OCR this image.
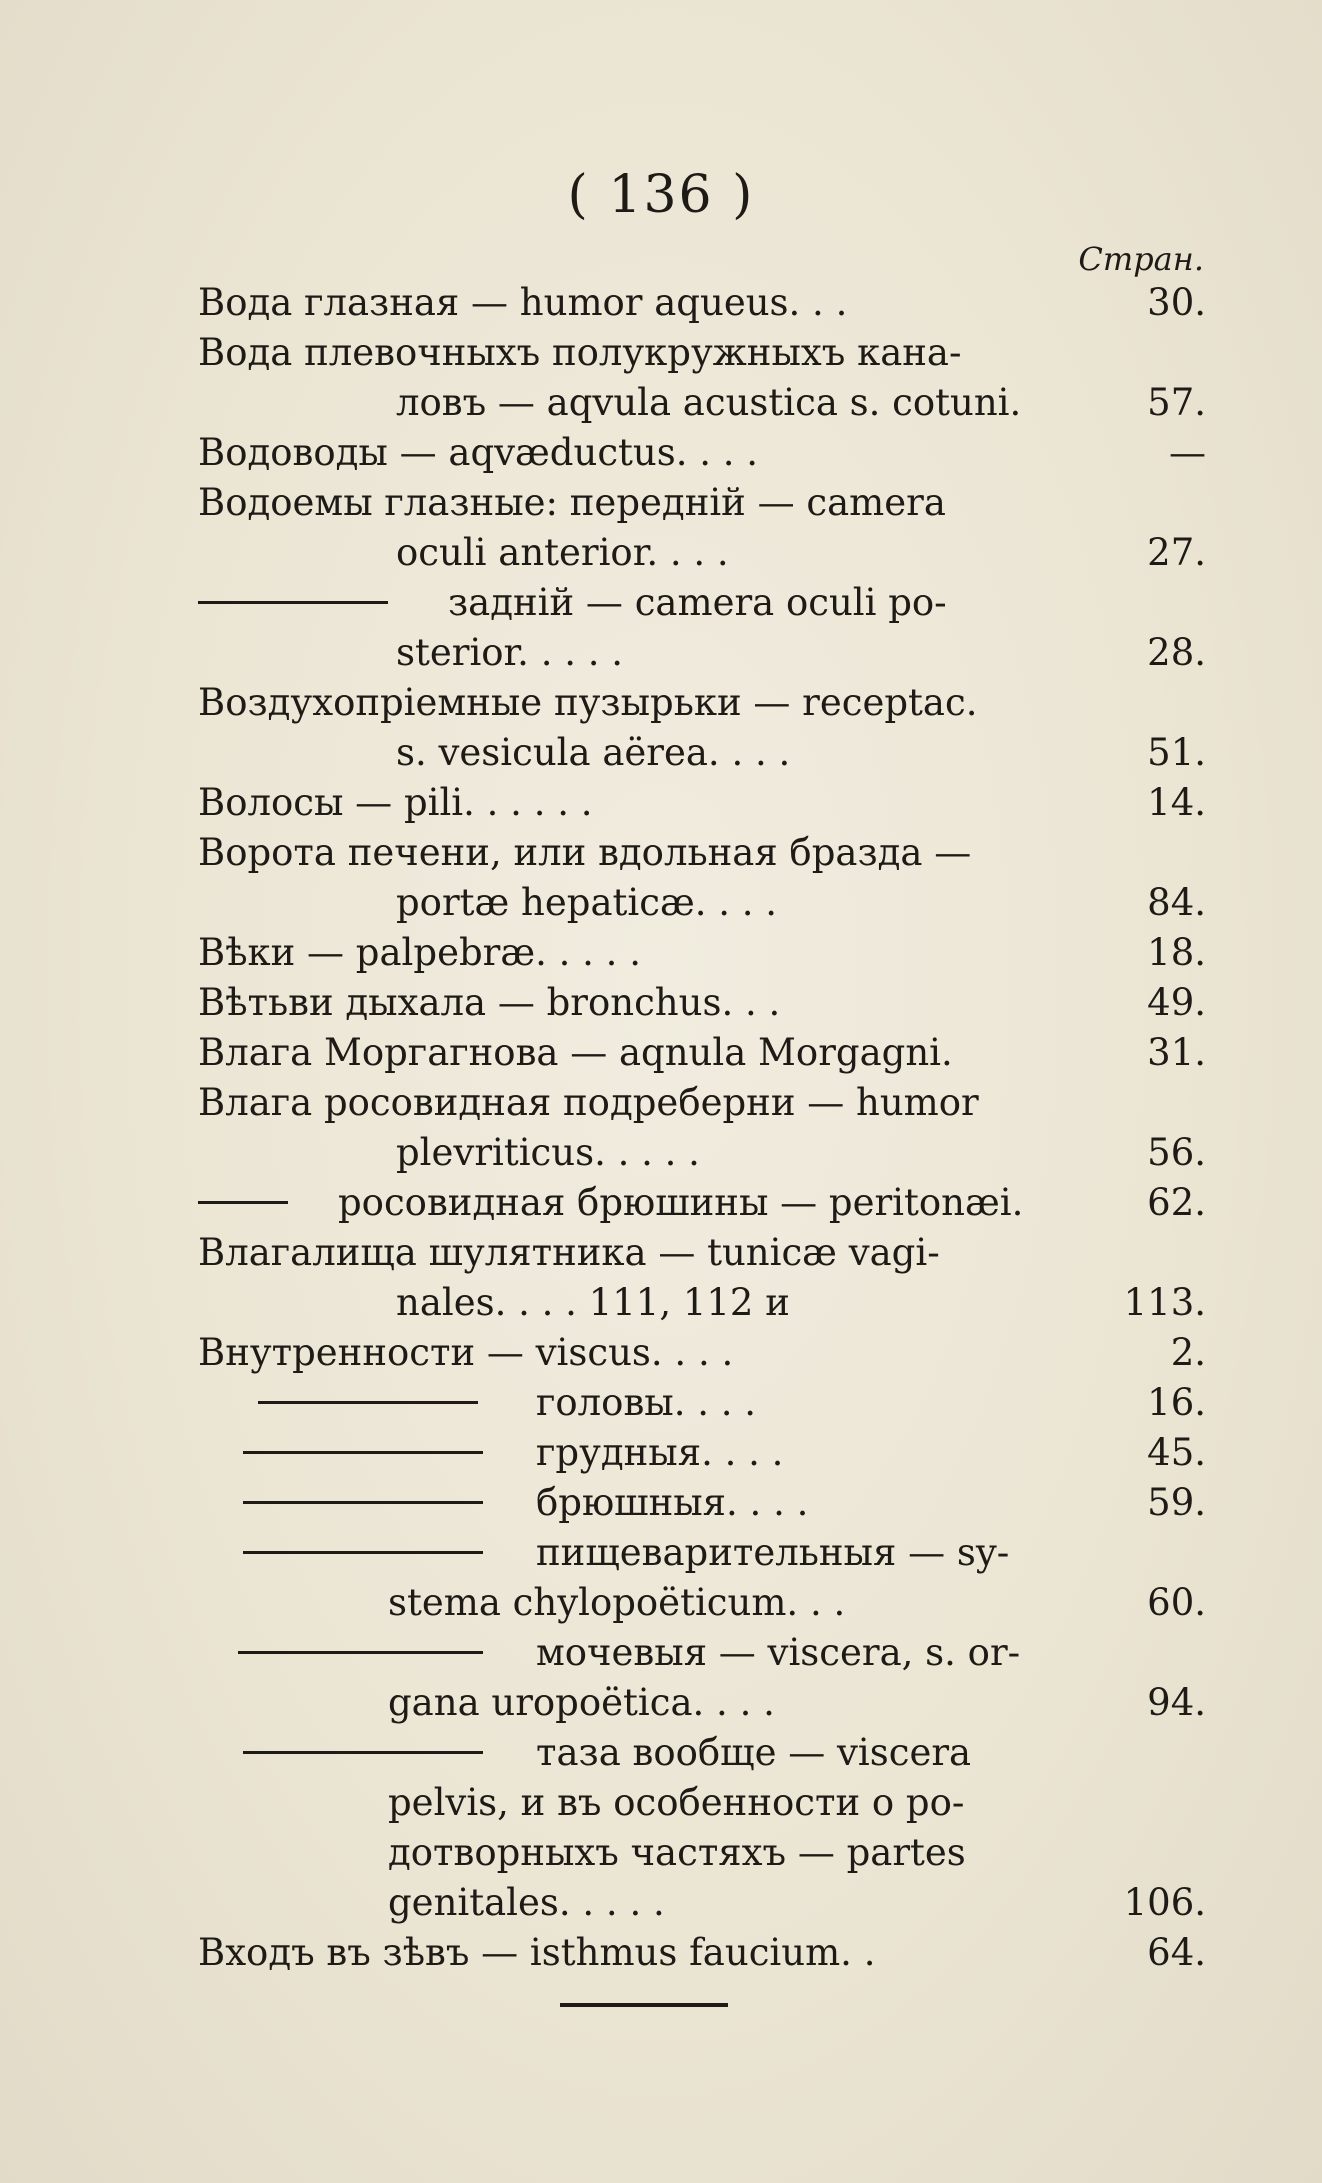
( 136 )
Стран.
Вода глазная — humor aqueus. . .	30.
Вода плевочныхъ полукружныхъ кана-
ловъ — aqvula acustica s. cotuni.	57.
Водоводы — aqvæductus. . . .	—
Водоемы глазные: передній — camera
oculi anterior. . . .	27.
задній — camera oculi po-
sterior. . . . .	28.
Воздухопріемные пузырьки — receptac.
s. vesicula aërea. . . .	51.
Волосы — pili. . . . . .	14.
Ворота печени, или вдольная бразда —
portæ hepaticæ. . . .	84.
Вѣки — palpebræ. . . . .	18.
Вѣтьви дыхала — bronchus. . .	49.
Влага Моргагнова — aqnula Morgagni.	31.
Влага росовидная подреберни — humor
plevriticus. . . . .	56.
росовидная брюшины — peritonæi.	62.
Влагалища шулятника — tunicæ vagi-
nales. . . . 111, 112 и	113.
Внутренности — viscus. . . .	2.
головы. . . .	16.
грудныя. . . .	45.
брюшныя. . . .	59.
пищеварительныя — sy-
stema chylopoëticum. . .	60.
мочевыя — viscera, s. or-
gana uropoëtica. . . .	94.
таза вообще — viscera
pelvis, и въ особенности о ро-
дотворныхъ частяхъ — partes
genitales. . . . .	106.
Входъ въ зѣвъ — isthmus faucium. .	64.
